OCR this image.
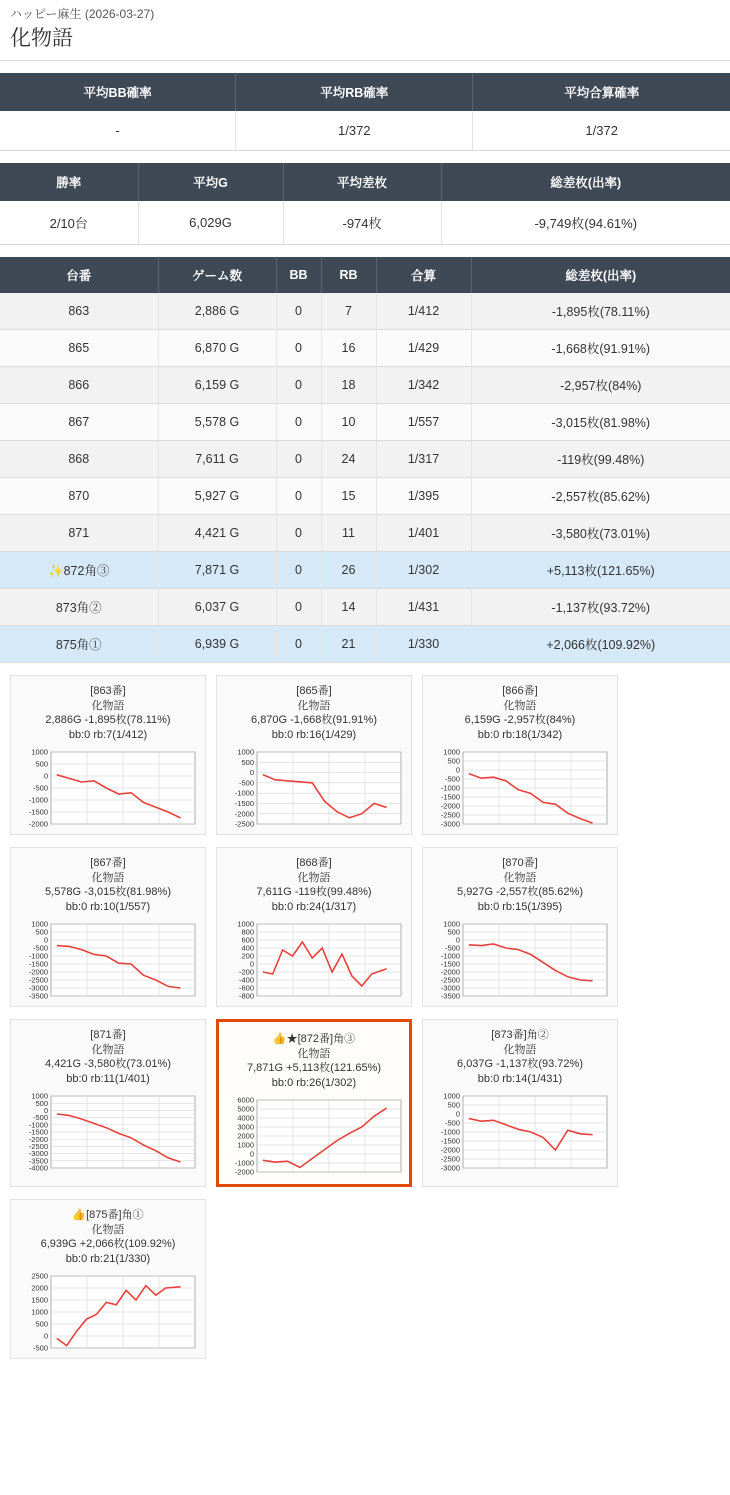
ハッピー麻生 (2026-03-27)
化物語
平均BB確率	平均RB確率	平均合算確率
-	1/372	1/372
勝率	平均G	平均差枚	総差枚(出率)
2/10台	6,029G	-974枚	-9,749枚(94.61%)
台番	ゲーム数	BB	RB	合算	総差枚(出率)
863	2,886 G	0	7	1/412	-1,895枚(78.11%)
865	6,870 G	0	16	1/429	-1,668枚(91.91%)
866	6,159 G	0	18	1/342	-2,957枚(84%)
867	5,578 G	0	10	1/557	-3,015枚(81.98%)
868	7,611 G	0	24	1/317	-119枚(99.48%)
870	5,927 G	0	15	1/395	-2,557枚(85.62%)
871	4,421 G	0	11	1/401	-3,580枚(73.01%)
✨872角③	7,871 G	0	26	1/302	+5,113枚(121.65%)
873角②	6,037 G	0	14	1/431	-1,137枚(93.72%)
875角①	6,939 G	0	21	1/330	+2,066枚(109.92%)
[863番]
化物語
2,886G -1,895枚(78.11%)
bb:0 rb:7(1/412)
1000
500
0
-500
-1000
-1500
-2000
[865番]
化物語
6,870G -1,668枚(91.91%)
bb:0 rb:16(1/429)
1000
500
0
-500
-1000
-1500
-2000
-2500
[866番]
化物語
6,159G -2,957枚(84%)
bb:0 rb:18(1/342)
1000
500
0
-500
-1000
-1500
-2000
-2500
-3000
[867番]
化物語
5,578G -3,015枚(81.98%)
bb:0 rb:10(1/557)
1000
500
0
-500
-1000
-1500
-2000
-2500
-3000
-3500
[868番]
化物語
7,611G -119枚(99.48%)
bb:0 rb:24(1/317)
1000
800
600
400
200
0
-200
-400
-600
-800
[870番]
化物語
5,927G -2,557枚(85.62%)
bb:0 rb:15(1/395)
1000
500
0
-500
-1000
-1500
-2000
-2500
-3000
-3500
[871番]
化物語
4,421G -3,580枚(73.01%)
bb:0 rb:11(1/401)
1000
500
0
-500
-1000
-1500
-2000
-2500
-3000
-3500
-4000
👍★[872番]角③
化物語
7,871G +5,113枚(121.65%)
bb:0 rb:26(1/302)
6000
5000
4000
3000
2000
1000
0
-1000
-2000
[873番]角②
化物語
6,037G -1,137枚(93.72%)
bb:0 rb:14(1/431)
1000
500
0
-500
-1000
-1500
-2000
-2500
-3000
👍[875番]角①
化物語
6,939G +2,066枚(109.92%)
bb:0 rb:21(1/330)
2500
2000
1500
1000
500
0
-500
